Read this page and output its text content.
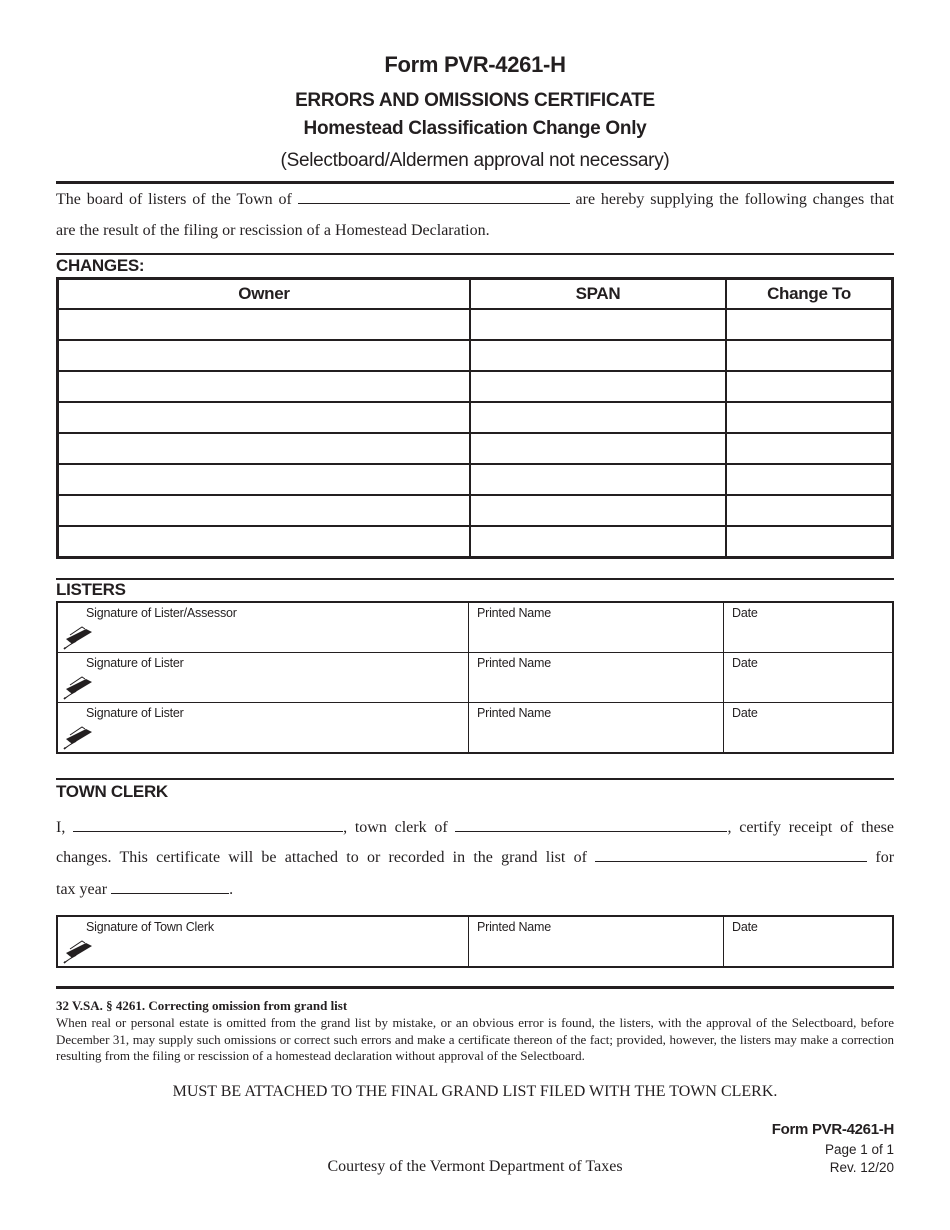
Form PVR-4261-H
ERRORS AND OMISSIONS CERTIFICATE
Homestead Classification Change Only
(Selectboard/Aldermen approval not necessary)
The board of listers of the Town of	are hereby supplying the following changes that
are the result of the filing or rescission of a Homestead Declaration.
CHANGES:
Owner	SPAN	Change To

LISTERS
Signature of Lister/Assessor	Printed Name	Date

Signature of Lister	Printed Name	Date

Signature of Lister	Printed Name	Date
TOWN CLERK
I,	, town clerk of	, certify receipt of these
changes. This certificate will be attached to or recorded in the grand list of	for
tax year	.
Signature of Town Clerk	Printed Name	Date
32 V.SA. § 4261. Correcting omission from grand list
When real or personal estate is omitted from the grand list by mistake, or an obvious error is found, the listers, with the approval of the Selectboard, before December 31, may supply such omissions or correct such errors and make a certificate thereon of the fact; provided, however, the listers may make a correction resulting from the filing or rescission of a homestead declaration without approval of the Selectboard.
MUST BE ATTACHED TO THE FINAL GRAND LIST FILED WITH THE TOWN CLERK.
Form PVR-4261-H
Page 1 of 1
Rev. 12/20
Courtesy of the Vermont Department of Taxes
